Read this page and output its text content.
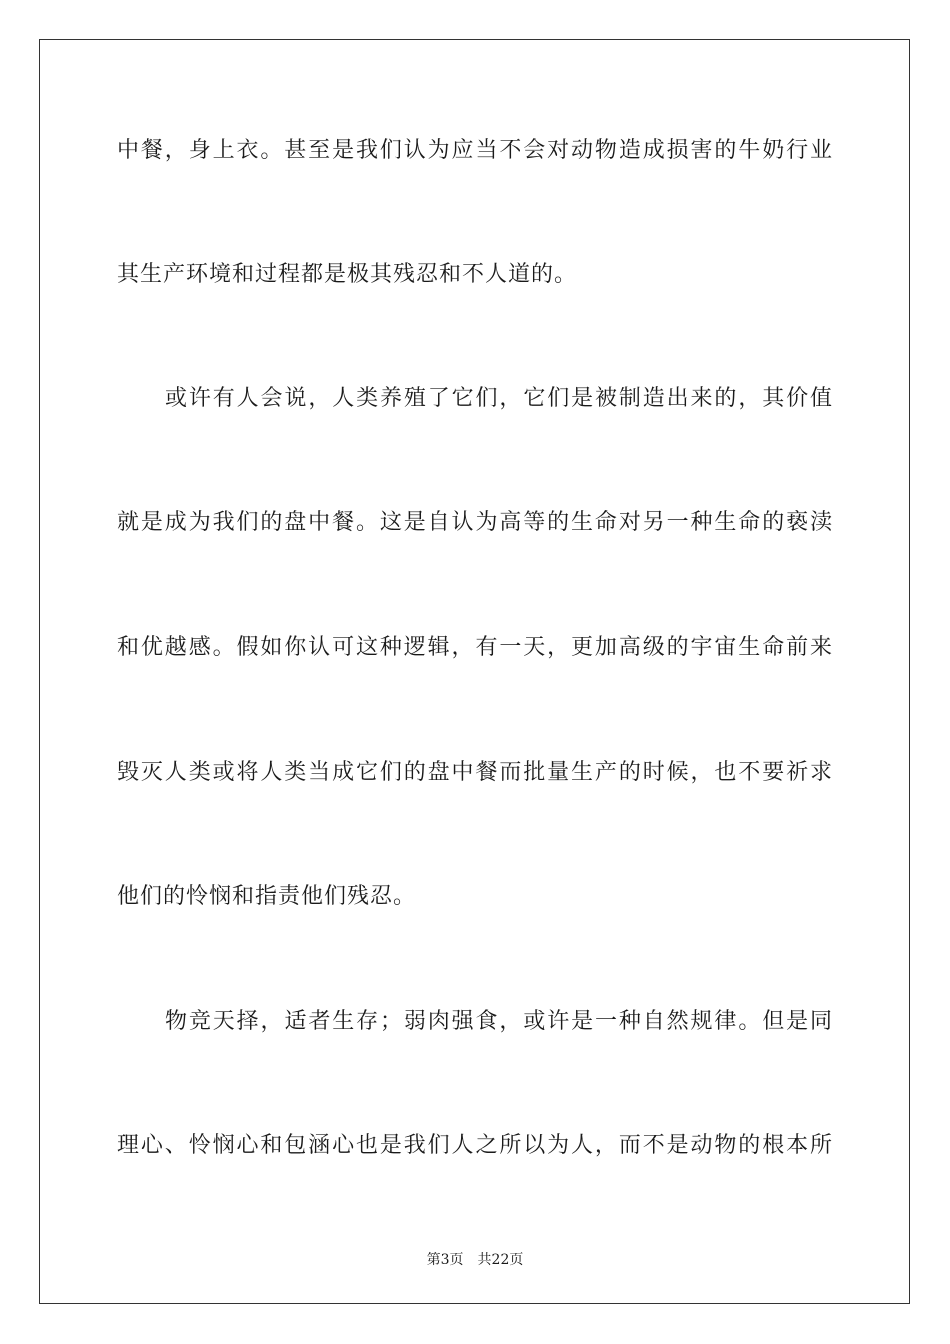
中餐，身上衣。甚至是我们认为应当不会对动物造成损害的牛奶行业
其生产环境和过程都是极其残忍和不人道的。
或许有人会说，人类养殖了它们，它们是被制造出来的，其价值
就是成为我们的盘中餐。这是自认为高等的生命对另一种生命的亵渎
和优越感。假如你认可这种逻辑，有一天，更加高级的宇宙生命前来
毁灭人类或将人类当成它们的盘中餐而批量生产的时候，也不要祈求
他们的怜悯和指责他们残忍。
物竞天择，适者生存；弱肉强食，或许是一种自然规律。但是同
理心、怜悯心和包涵心也是我们人之所以为人，而不是动物的根本所
第3页 共22页
